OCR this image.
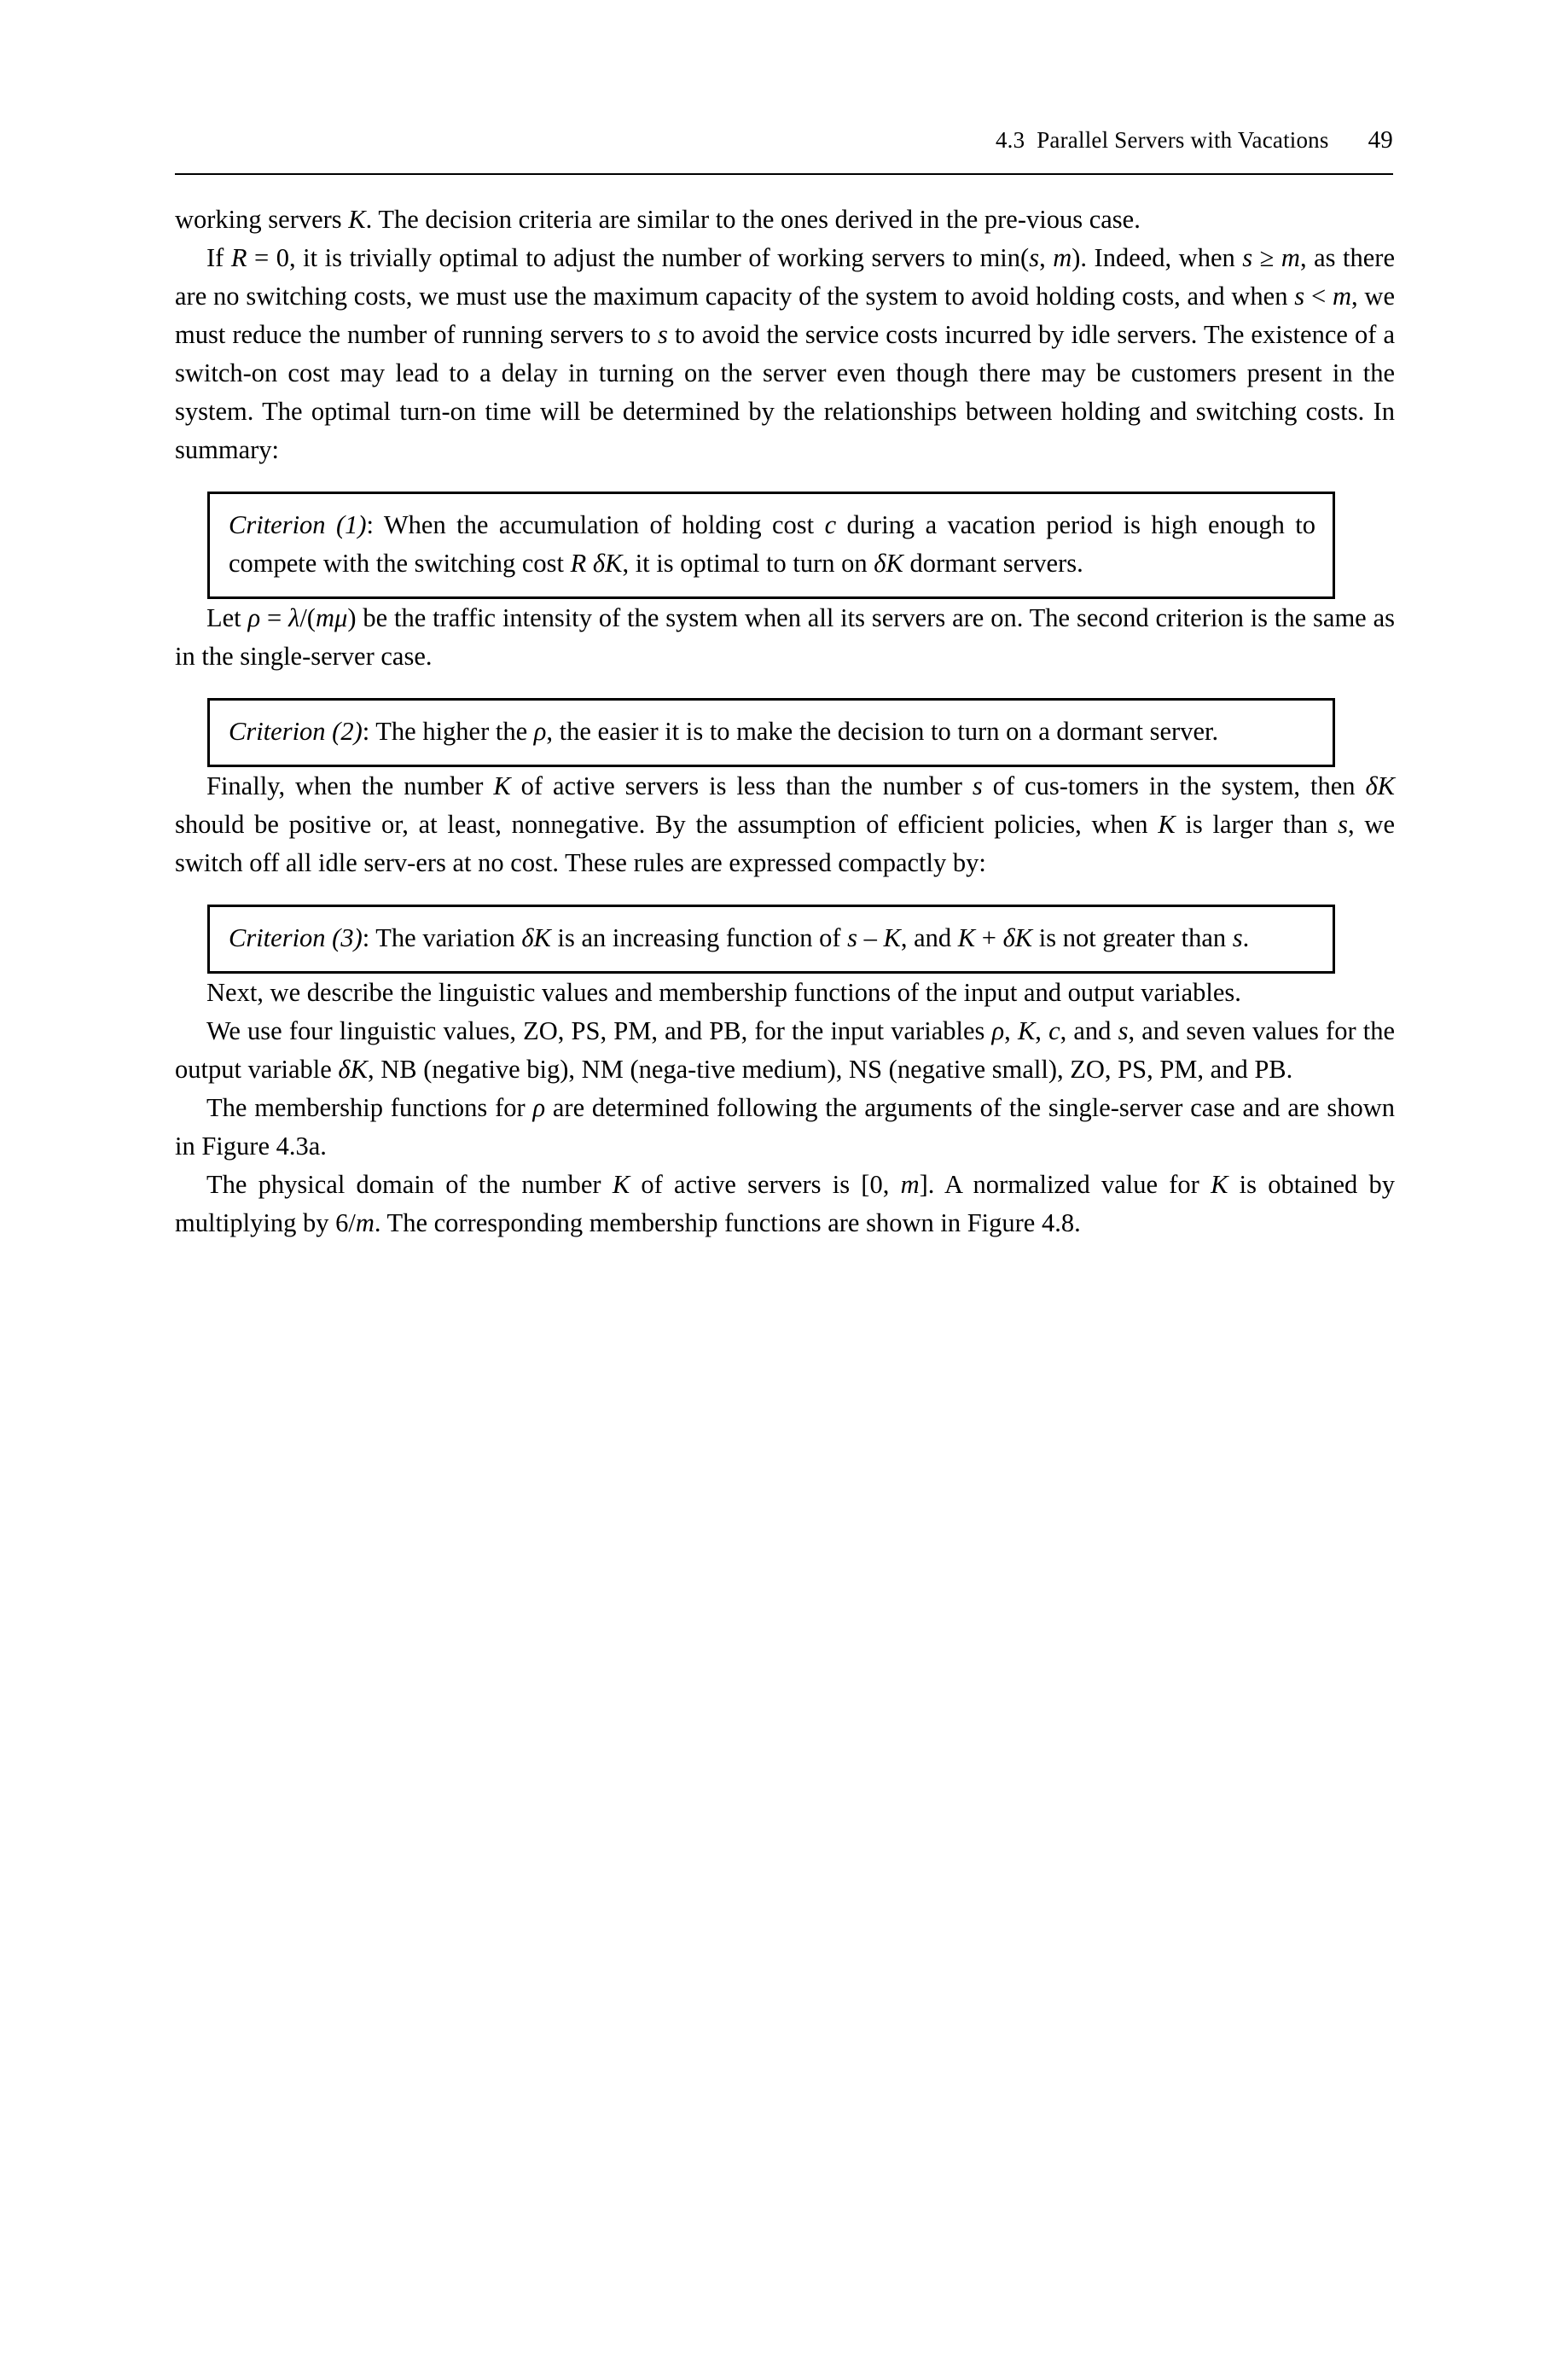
4.3  Parallel Servers with Vacations 49

working servers K. The decision criteria are similar to the ones derived in the pre-vious case.

If R = 0, it is trivially optimal to adjust the number of working servers to min(s, m). Indeed, when s ≥ m, as there are no switching costs, we must use the maximum capacity of the system to avoid holding costs, and when s < m, we must reduce the number of running servers to s to avoid the service costs incurred by idle servers. The existence of a switch-on cost may lead to a delay in turning on the server even though there may be customers present in the system. The optimal turn-on time will be determined by the relationships between holding and switching costs. In summary:

Criterion (1): When the accumulation of holding cost c during a vacation period is high enough to compete with the switching cost R δK, it is optimal to turn on δK dormant servers.

Let ρ = λ/(mμ) be the traffic intensity of the system when all its servers are on. The second criterion is the same as in the single-server case.

Criterion (2): The higher the ρ, the easier it is to make the decision to turn on a dormant server.

Finally, when the number K of active servers is less than the number s of cus-tomers in the system, then δK should be positive or, at least, nonnegative. By the assumption of efficient policies, when K is larger than s, we switch off all idle serv-ers at no cost. These rules are expressed compactly by:

Criterion (3): The variation δK is an increasing function of s – K, and K + δK is not greater than s.

Next, we describe the linguistic values and membership functions of the input and output variables.

We use four linguistic values, ZO, PS, PM, and PB, for the input variables ρ, K, c, and s, and seven values for the output variable δK, NB (negative big), NM (nega-tive medium), NS (negative small), ZO, PS, PM, and PB.

The membership functions for ρ are determined following the arguments of the single-server case and are shown in Figure 4.3a.

The physical domain of the number K of active servers is [0, m]. A normalized value for K is obtained by multiplying by 6/m. The corresponding membership functions are shown in Figure 4.8.
